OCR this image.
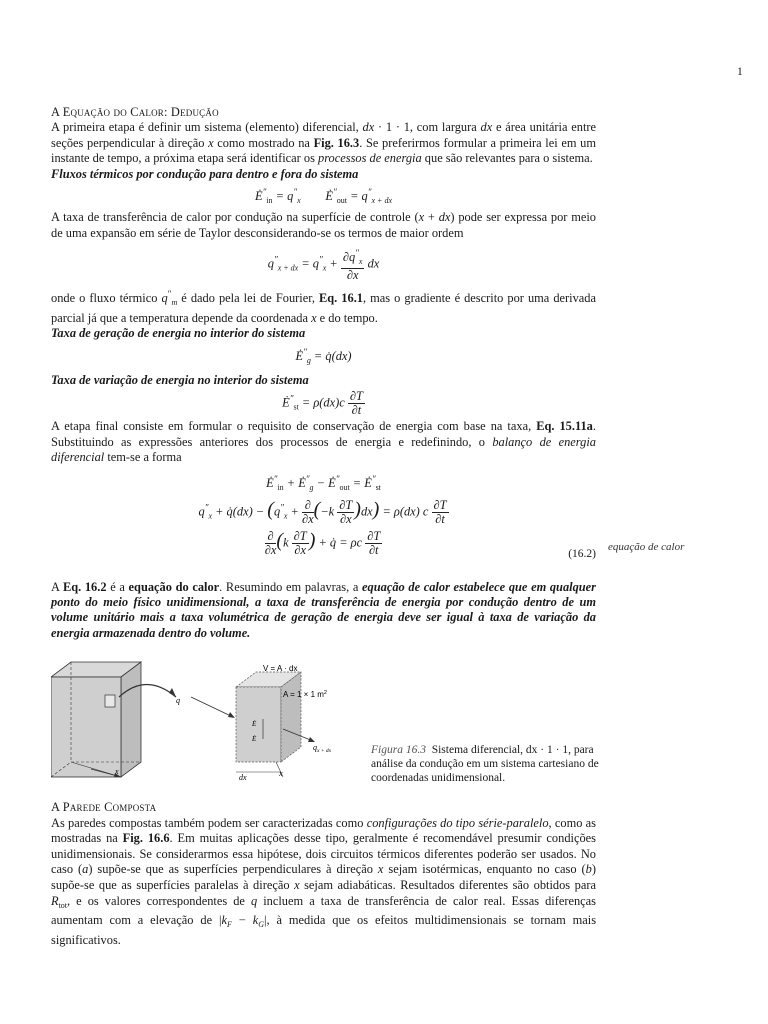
1

A Equação do Calor: Dedução

A primeira etapa é definir um sistema (elemento) diferencial, dx · 1 · 1, com largura dx e área unitária entre seções perpendicular à direção x como mostrado na Fig. 16.3. Se preferirmos formular a primeira lei em um instante de tempo, a próxima etapa será identificar os processos de energia que são relevantes para o sistema.

Fluxos térmicos por condução para dentro e fora do sistema

$Ė''_{in} = q''_x$        $Ė''_{out} = q''_{x + dx}$

A taxa de transferência de calor por condução na superfície de controle (x + dx) pode ser expressa por meio de uma expansão em série de Taylor desconsiderando-se os termos de maior ordem

$q''_{x + dx} = q''_x + \frac{\partial q''_x}{\partial x}$ dx

onde o fluxo térmico $q''_m$ é dado pela lei de Fourier, Eq. 16.1, mas o gradiente é descrito por uma derivada parcial já que a temperatura depende da coordenada x e do tempo.

Taxa de geração de energia no interior do sistema

$Ė''_g$ = q̇(dx)

Taxa de variação de energia no interior do sistema

$Ė''_{st} = \rho(dx)c \frac{\partial T}{\partial t}$

A etapa final consiste em formular o requisito de conservação de energia com base na taxa, Eq. 15.11a. Substituindo as expressões anteriores dos processos de energia e redefinindo, o balanço de energia diferencial tem-se a forma

$Ė''_{in}$ + $Ė''_g$ − $Ė''_{out}$ = $Ė''_{st}$

$q''_x$ + q̇(dx) − $(q''_x + \frac{\partial}{\partial x} (-k \frac{\partial T}{\partial x} )dx) = \rho(dx)$ c $\frac{\partial T}{\partial t}$

$\frac{\partial}{\partial x} (k \frac{\partial T}{\partial x}$ ) + q̇ = ρc $\frac{\partial T}{\partial t}$	(16.2)

A Eq. 16.2 é a equação do calor. Resumindo em palavras, a equação de calor estabelece que em qualquer ponto do meio físico unidimensional, a taxa de transferência de energia por condução dentro de um volume unitário mais a taxa volumétrica de geração de energia deve ser igual à taxa de variação da energia armazenada dentro do volume.

equação de calor
x
V = A · dx
A = 1 × 1 $m^2$
q
$q_{x + dx}$
Ė
Ė
dx	x
Figura 16.3 Sistema diferencial, dx · 1 · 1, para análise da condução em um sistema cartesiano de coordenadas unidimensional.

A Parede Composta

As paredes compostas também podem ser caracterizadas como configurações do tipo série-paralelo, como as mostradas na Fig. 16.6. Em muitas aplicações desse tipo, geralmente é recomendável presumir condições unidimensionais. Se considerarmos essa hipótese, dois circuitos térmicos diferentes poderão ser usados. No caso (a) supõe-se que as superfícies perpendiculares à direção x sejam isotérmicas, enquanto no caso (b) supõe-se que as superfícies paralelas à direção x sejam adiabáticas. Resultados diferentes são obtidos para $R_{tot}$, e os valores correspondentes de q incluem a taxa de transferência de calor real. Essas diferenças aumentam com a elevação de $|k_F - k_G|$, à medida que os efeitos multidimensionais se tornam mais significativos.
